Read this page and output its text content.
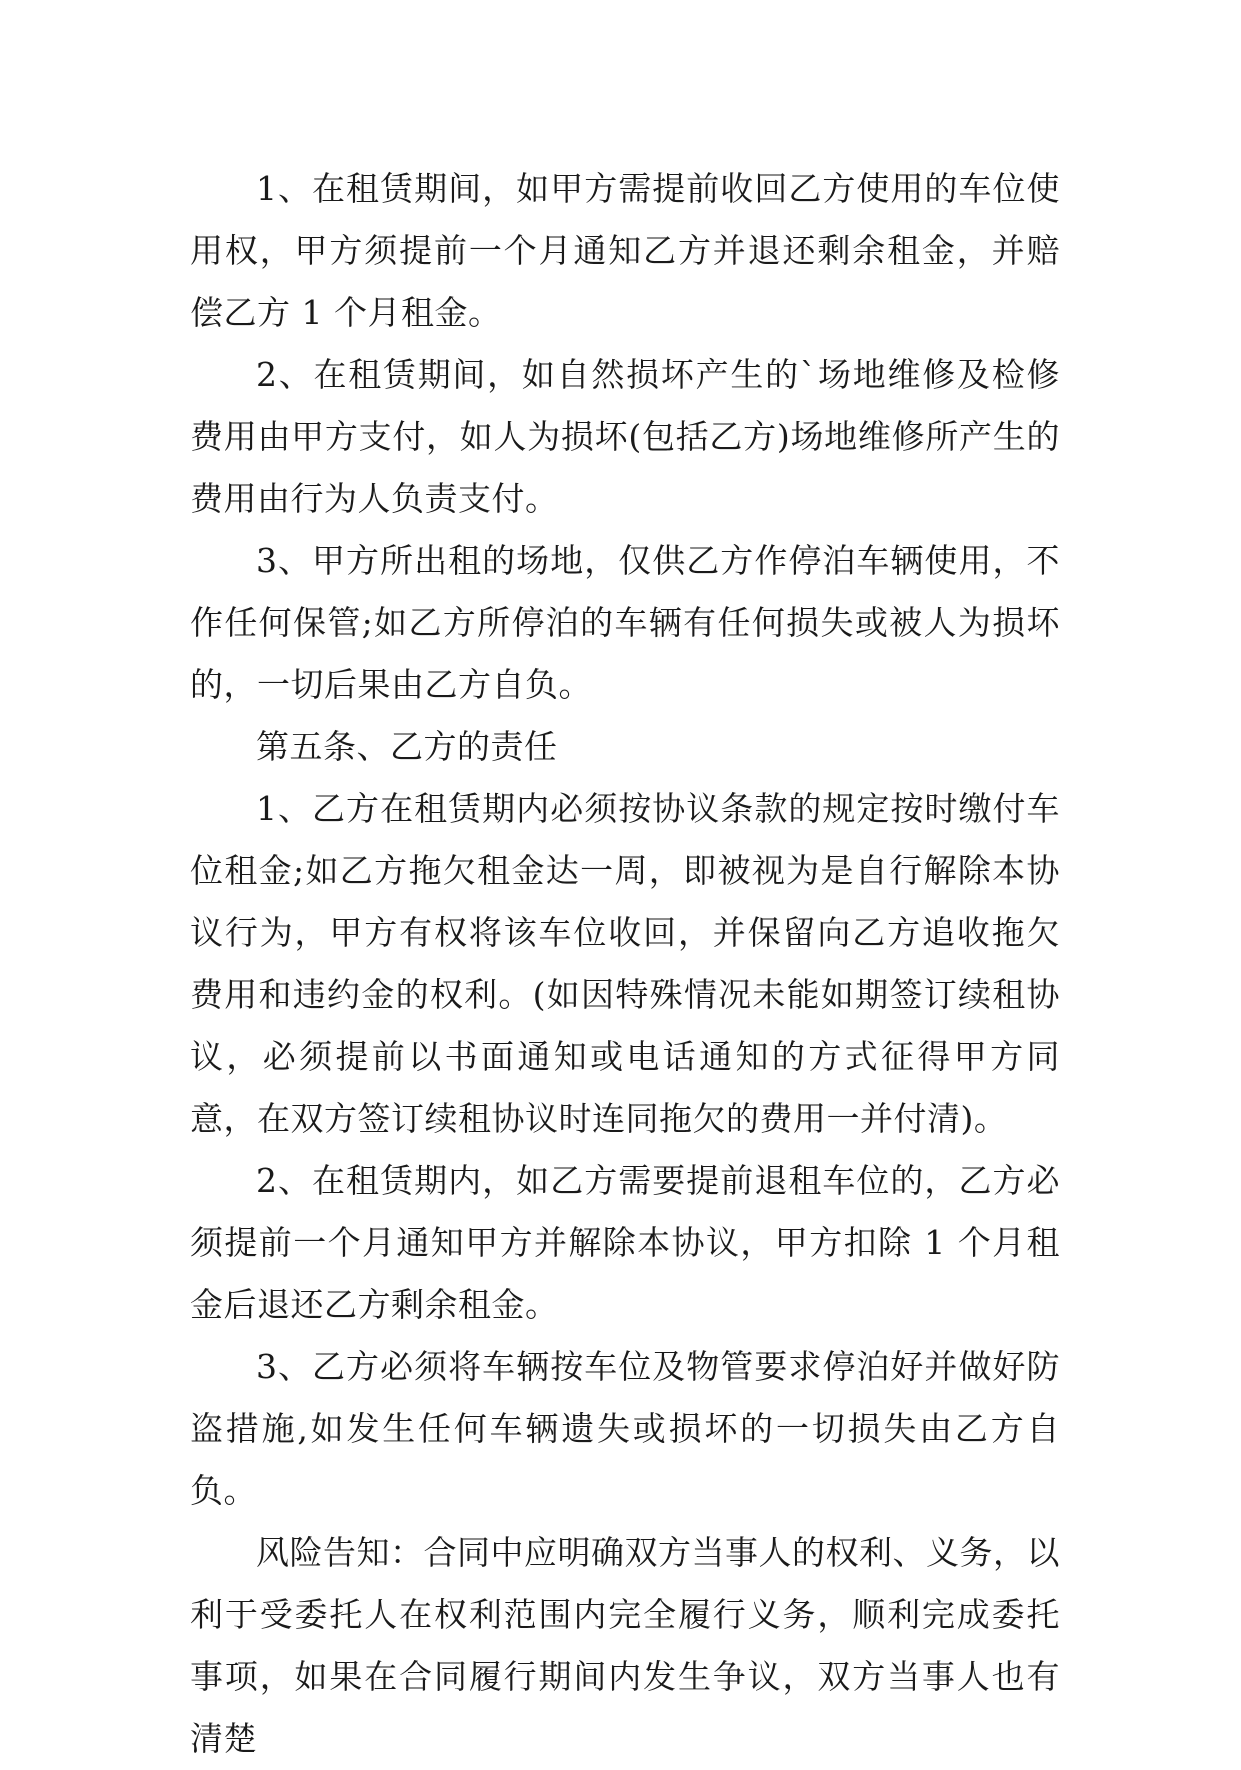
1、在租赁期间，如甲方需提前收回乙方使用的车位使用权，甲方须提前一个月通知乙方并退还剩余租金，并赔偿乙方 1 个月租金。

2、在租赁期间，如自然损坏产生的`场地维修及检修费用由甲方支付，如人为损坏(包括乙方)场地维修所产生的费用由行为人负责支付。

3、甲方所出租的场地，仅供乙方作停泊车辆使用，不作任何保管;如乙方所停泊的车辆有任何损失或被人为损坏的，一切后果由乙方自负。

第五条、乙方的责任

1、乙方在租赁期内必须按协议条款的规定按时缴付车位租金;如乙方拖欠租金达一周，即被视为是自行解除本协议行为，甲方有权将该车位收回，并保留向乙方追收拖欠费用和违约金的权利。(如因特殊情况未能如期签订续租协议，必须提前以书面通知或电话通知的方式征得甲方同意，在双方签订续租协议时连同拖欠的费用一并付清)。

2、在租赁期内，如乙方需要提前退租车位的，乙方必须提前一个月通知甲方并解除本协议，甲方扣除 1 个月租金后退还乙方剩余租金。

3、乙方必须将车辆按车位及物管要求停泊好并做好防盗措施,如发生任何车辆遗失或损坏的一切损失由乙方自负。

风险告知：合同中应明确双方当事人的权利、义务，以利于受委托人在权利范围内完全履行义务，顺利完成委托事项，如果在合同履行期间内发生争议，双方当事人也有清楚
